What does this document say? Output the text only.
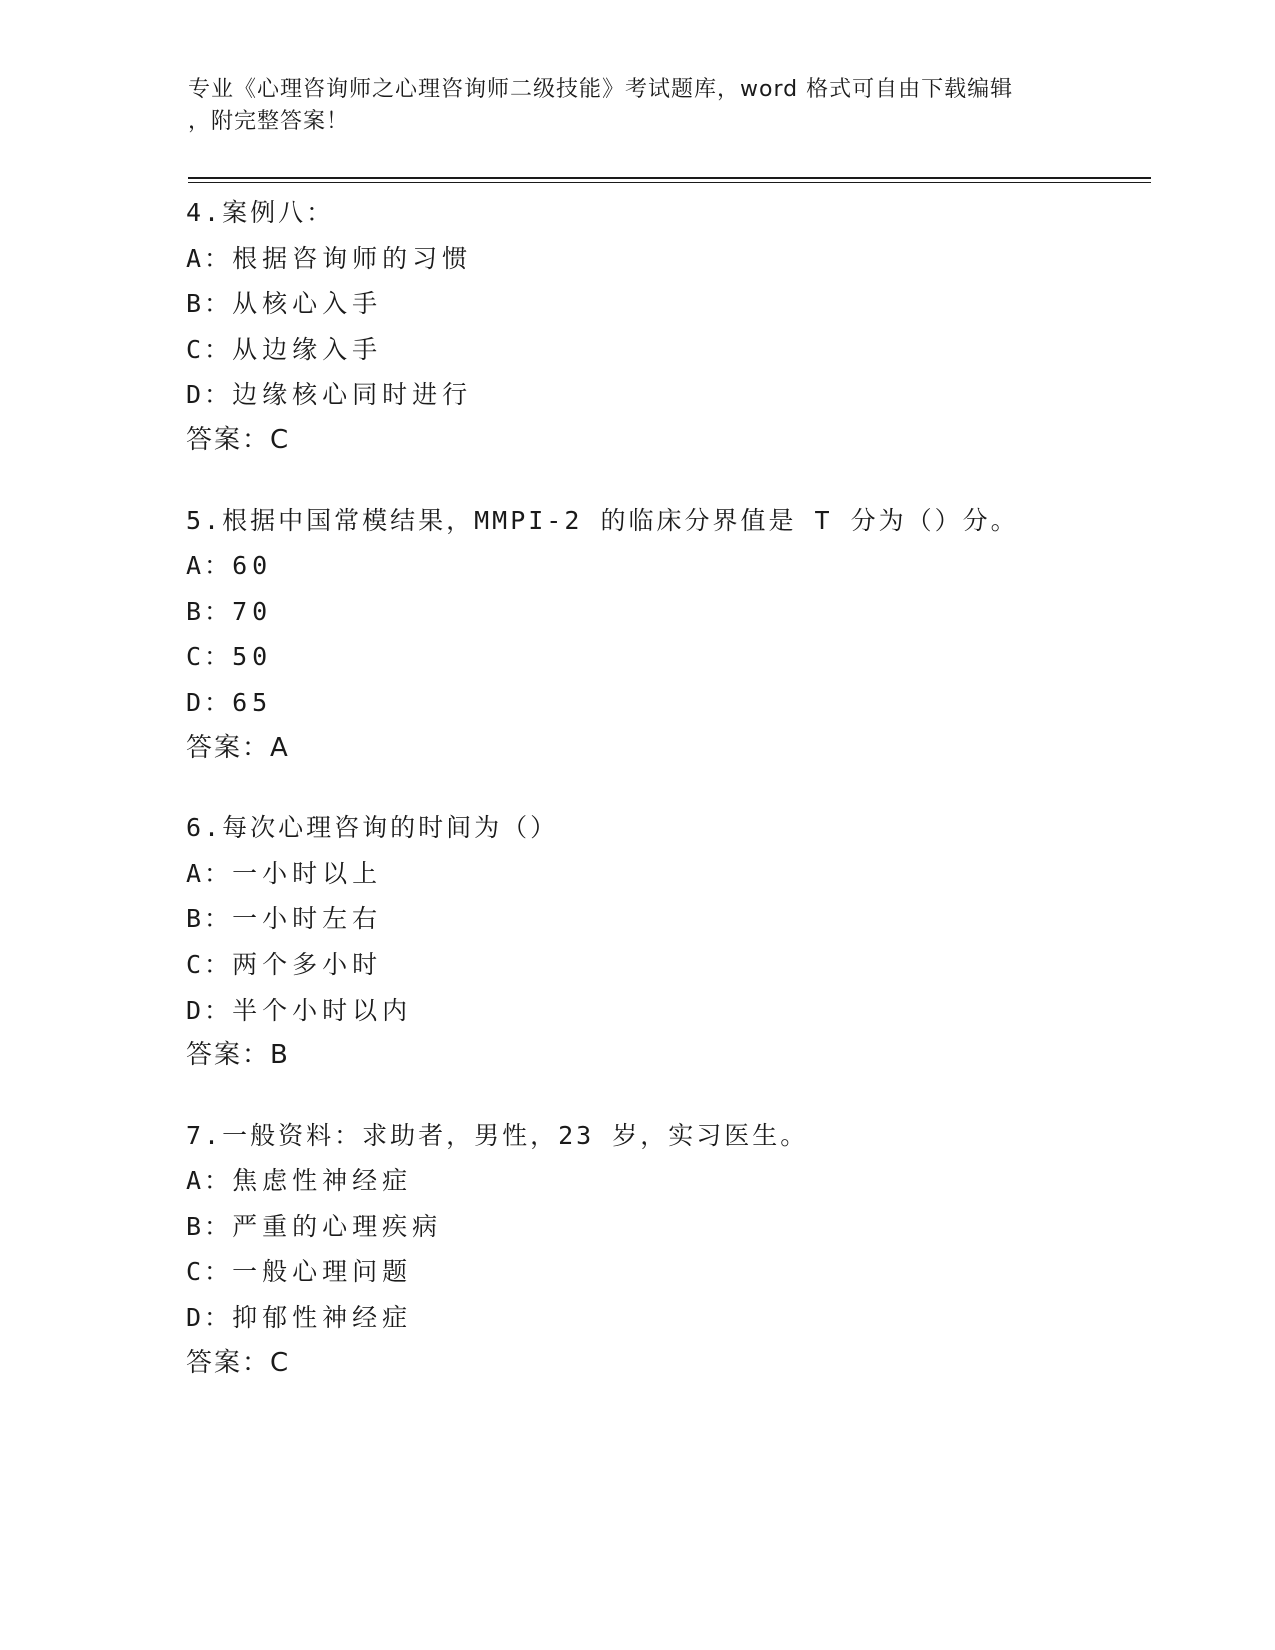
专业《心理咨询师之心理咨询师二级技能》考试题库，word 格式可自由下载编辑
，附完整答案！
4.案例八：
A：根据咨询师的习惯
B：从核心入手
C：从边缘入手
D：边缘核心同时进行
答案：C
5.根据中国常模结果，MMPI-2 的临床分界值是 T 分为（）分。
A：60
B：70
C：50
D：65
答案：A
6.每次心理咨询的时间为（）
A：一小时以上
B：一小时左右
C：两个多小时
D：半个小时以内
答案：B
7.一般资料：求助者，男性，23 岁，实习医生。
A：焦虑性神经症
B：严重的心理疾病
C：一般心理问题
D：抑郁性神经症
答案：C
